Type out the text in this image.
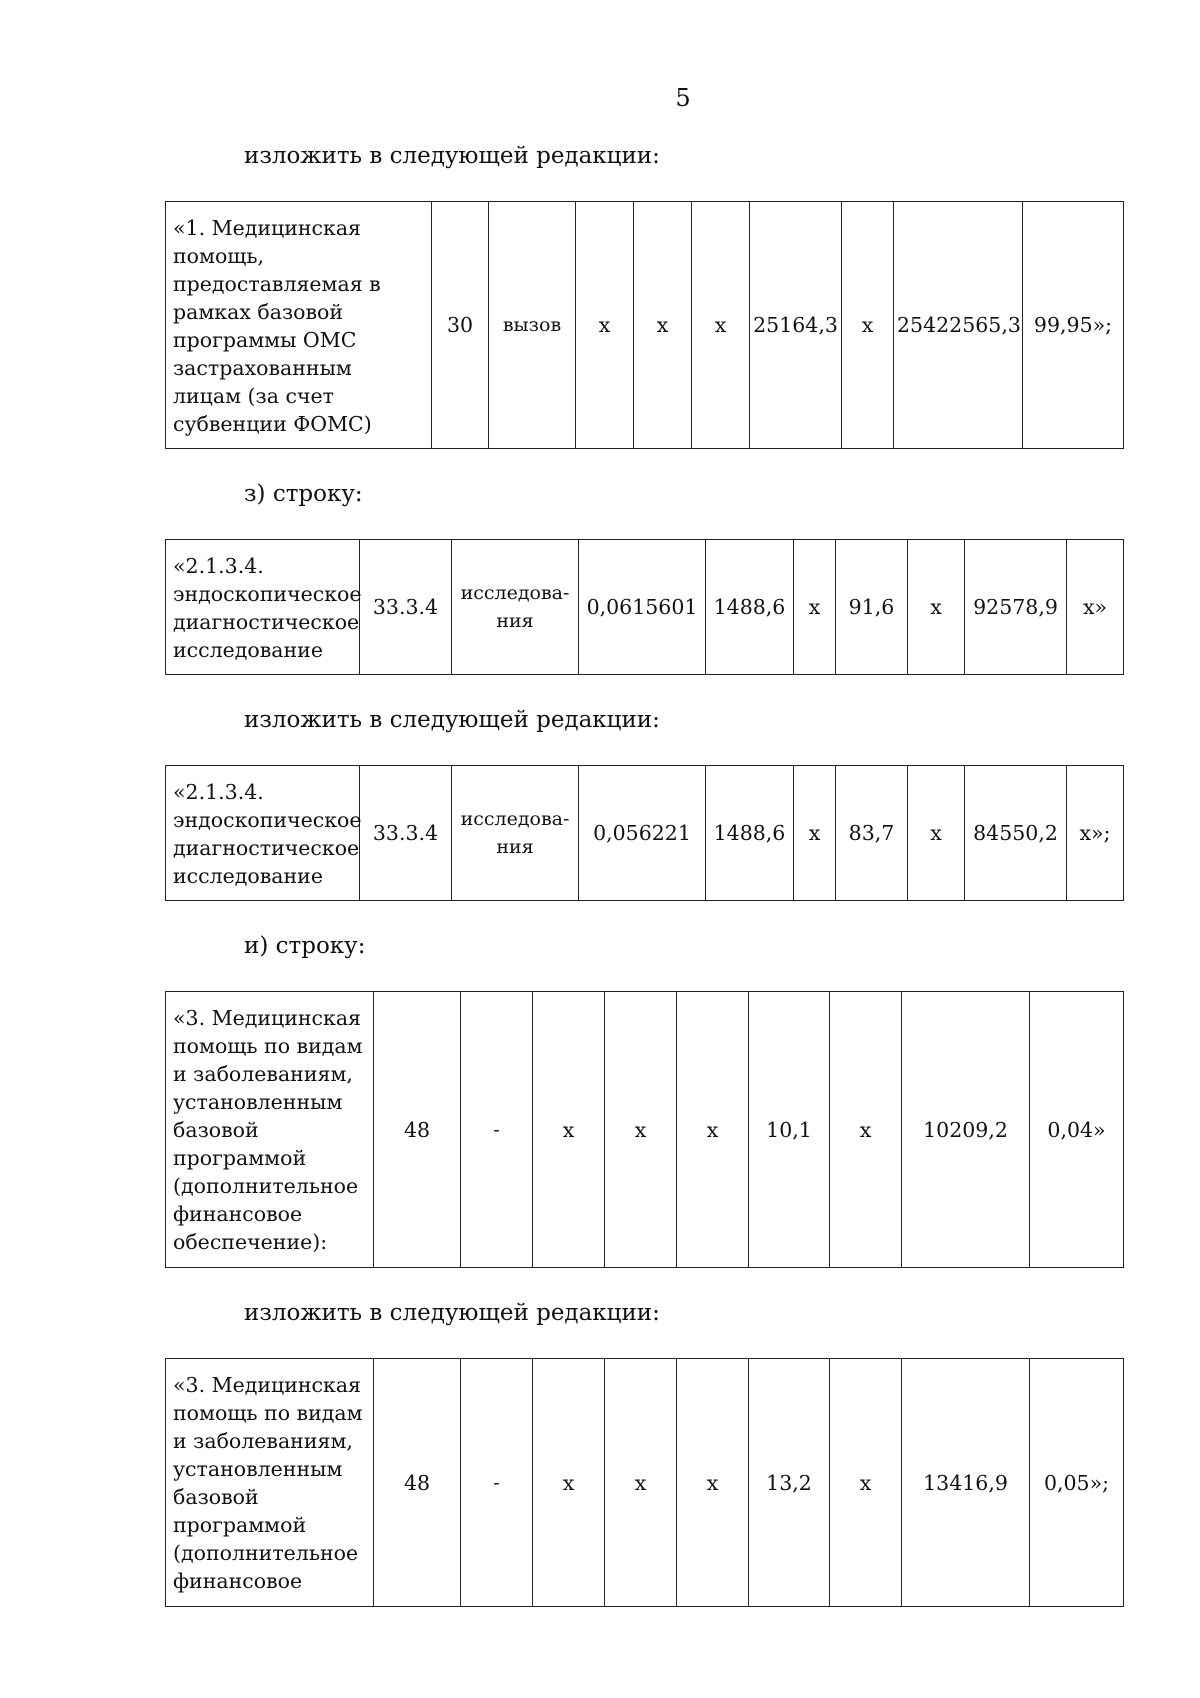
5
изложить в следующей редакции:
«1. Медицинская помощь, предоставляемая в рамках базовой программы ОМС застрахованным лицам (за счет субвенции ФОМС)	30	вызов	х	х	х	25164,3	х	25422565,3	99,95»;
з) строку:
«2.1.3.4. эндоскопическое диагностическое исследование	33.3.4	исследова-ния	0,0615601	1488,6	х	91,6	х	92578,9	х»
изложить в следующей редакции:
«2.1.3.4. эндоскопическое диагностическое исследование	33.3.4	исследова-ния	0,056221	1488,6	х	83,7	х	84550,2	х»;
и) строку:
«3. Медицинская помощь по видам и заболеваниям, установленным базовой программой (дополнительное финансовое обеспечение):	48	-	х	х	х	10,1	х	10209,2	0,04»
изложить в следующей редакции:
«3. Медицинская помощь по видам и заболеваниям, установленным базовой программой (дополнительное финансовое	48	-	х	х	х	13,2	х	13416,9	0,05»;
